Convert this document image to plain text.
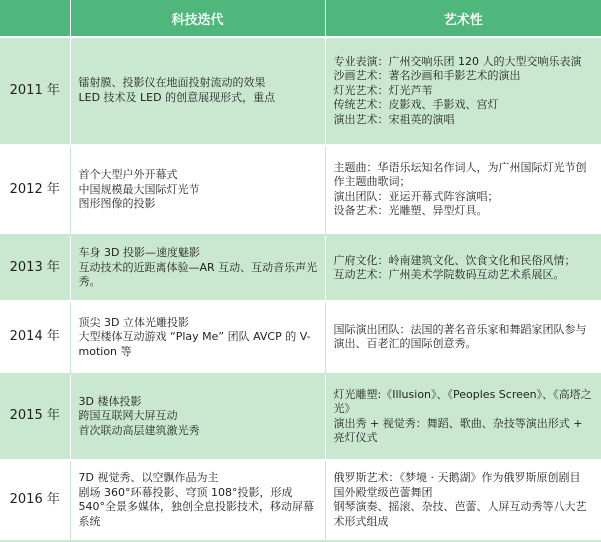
	科技迭代	艺术性
2011 年	镭射膜、投影仪在地面投射流动的效果
LED 技术及 LED 的创意展现形式，重点	专业表演：广州交响乐团 120 人的大型交响乐表演
沙画艺术：著名沙画和手影艺术的演出
灯光艺术：灯光芦苇
传统艺术：皮影戏、手影戏、宫灯
演出艺术：宋祖英的演唱

2012 年	首个大型户外开幕式
中国规模最大国际灯光节
图形图像的投影	主题曲：华语乐坛知名作词人，为广州国际灯光节创作主题曲歌词；
演出团队：亚运开幕式阵容演唱；
设备艺术：光雕塑、异型灯具。

2013 年	车身 3D 投影—速度魅影
互动技术的近距离体验—AR 互动、互动音乐声光秀。	广府文化：岭南建筑文化、饮食文化和民俗风情；
互动艺术：广州美术学院数码互动艺术系展区。

2014 年	顶尖 3D 立体光雕投影
大型楼体互动游戏 “Play Me” 团队 AVCP 的 V-motion 等	国际演出团队：法国的著名音乐家和舞蹈家团队参与演出、百老汇的国际创意秀。

2015 年	3D 楼体投影
跨国互联网大屏互动
首次联动高层建筑激光秀	灯光雕塑:《Illusion》、《Peoples Screen》、《高塔之光》
演出秀 + 视觉秀：舞蹈、歌曲、杂技等演出形式 + 亮灯仪式

2016 年	7D 视觉秀、以空飘作品为主
剧场 360°环幕投影、穹顶 108°投影，形成 540°全景多媒体，独创全息投影技术，移动屏幕系统	俄罗斯艺术：《梦境 · 天鹅湖》作为俄罗斯原创剧目
国外殿堂级芭蕾舞团
钢琴演奏、摇滚、杂技、芭蕾、人屏互动秀等八大艺术形式组成
